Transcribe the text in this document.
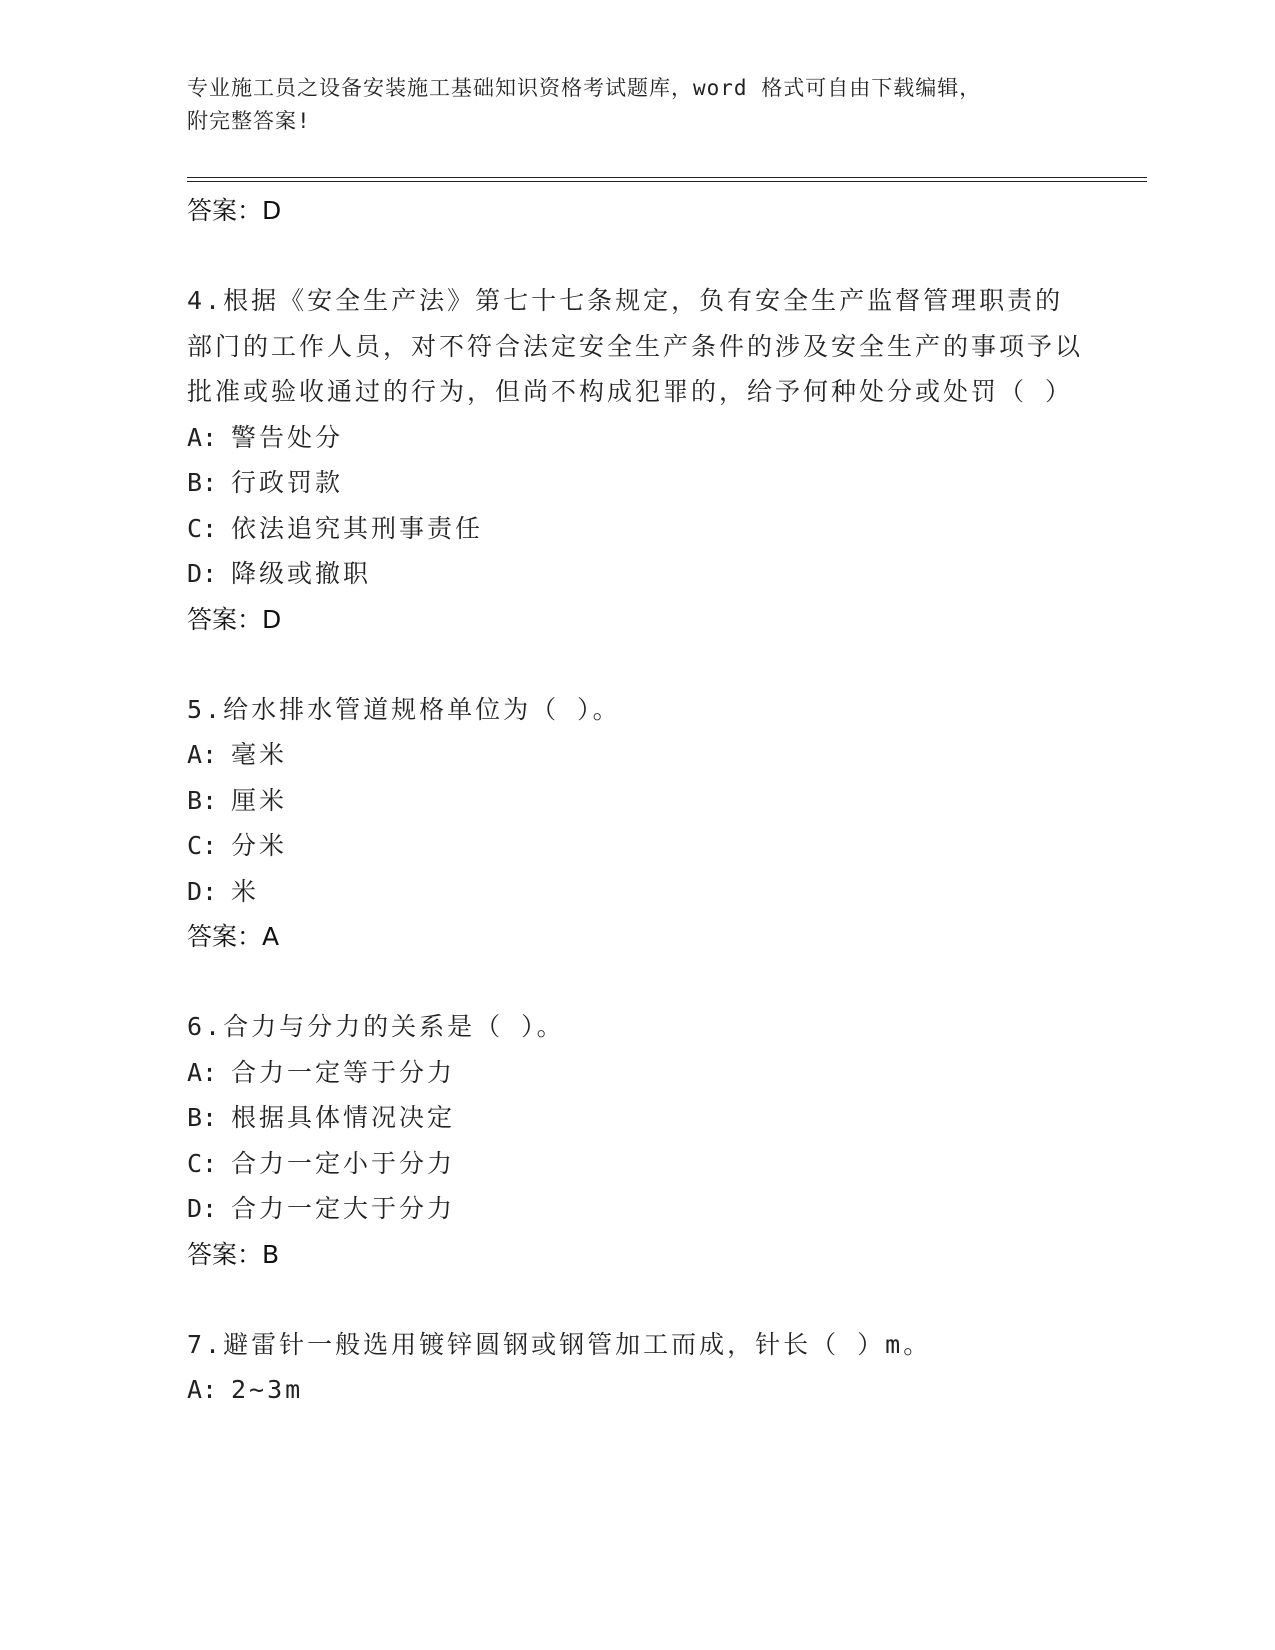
专业施工员之设备安装施工基础知识资格考试题库，word 格式可自由下载编辑，
附完整答案!
答案：D

4.根据《安全生产法》第七十七条规定，负有安全生产监督管理职责的部门的工作人员，对不符合法定安全生产条件的涉及安全生产的事项予以批准或验收通过的行为，但尚不构成犯罪的，给予何种处分或处罚（ ）

A: 警告处分
B: 行政罚款
C: 依法追究其刑事责任
D: 降级或撤职
答案：D

5.给水排水管道规格单位为（ ）。

A: 毫米
B: 厘米
C: 分米
D: 米
答案：A

6.合力与分力的关系是（ ）。

A: 合力一定等于分力
B: 根据具体情况决定
C: 合力一定小于分力
D: 合力一定大于分力
答案：B

7.避雷针一般选用镀锌圆钢或钢管加工而成，针长（ ）m。

A: 2~3m
